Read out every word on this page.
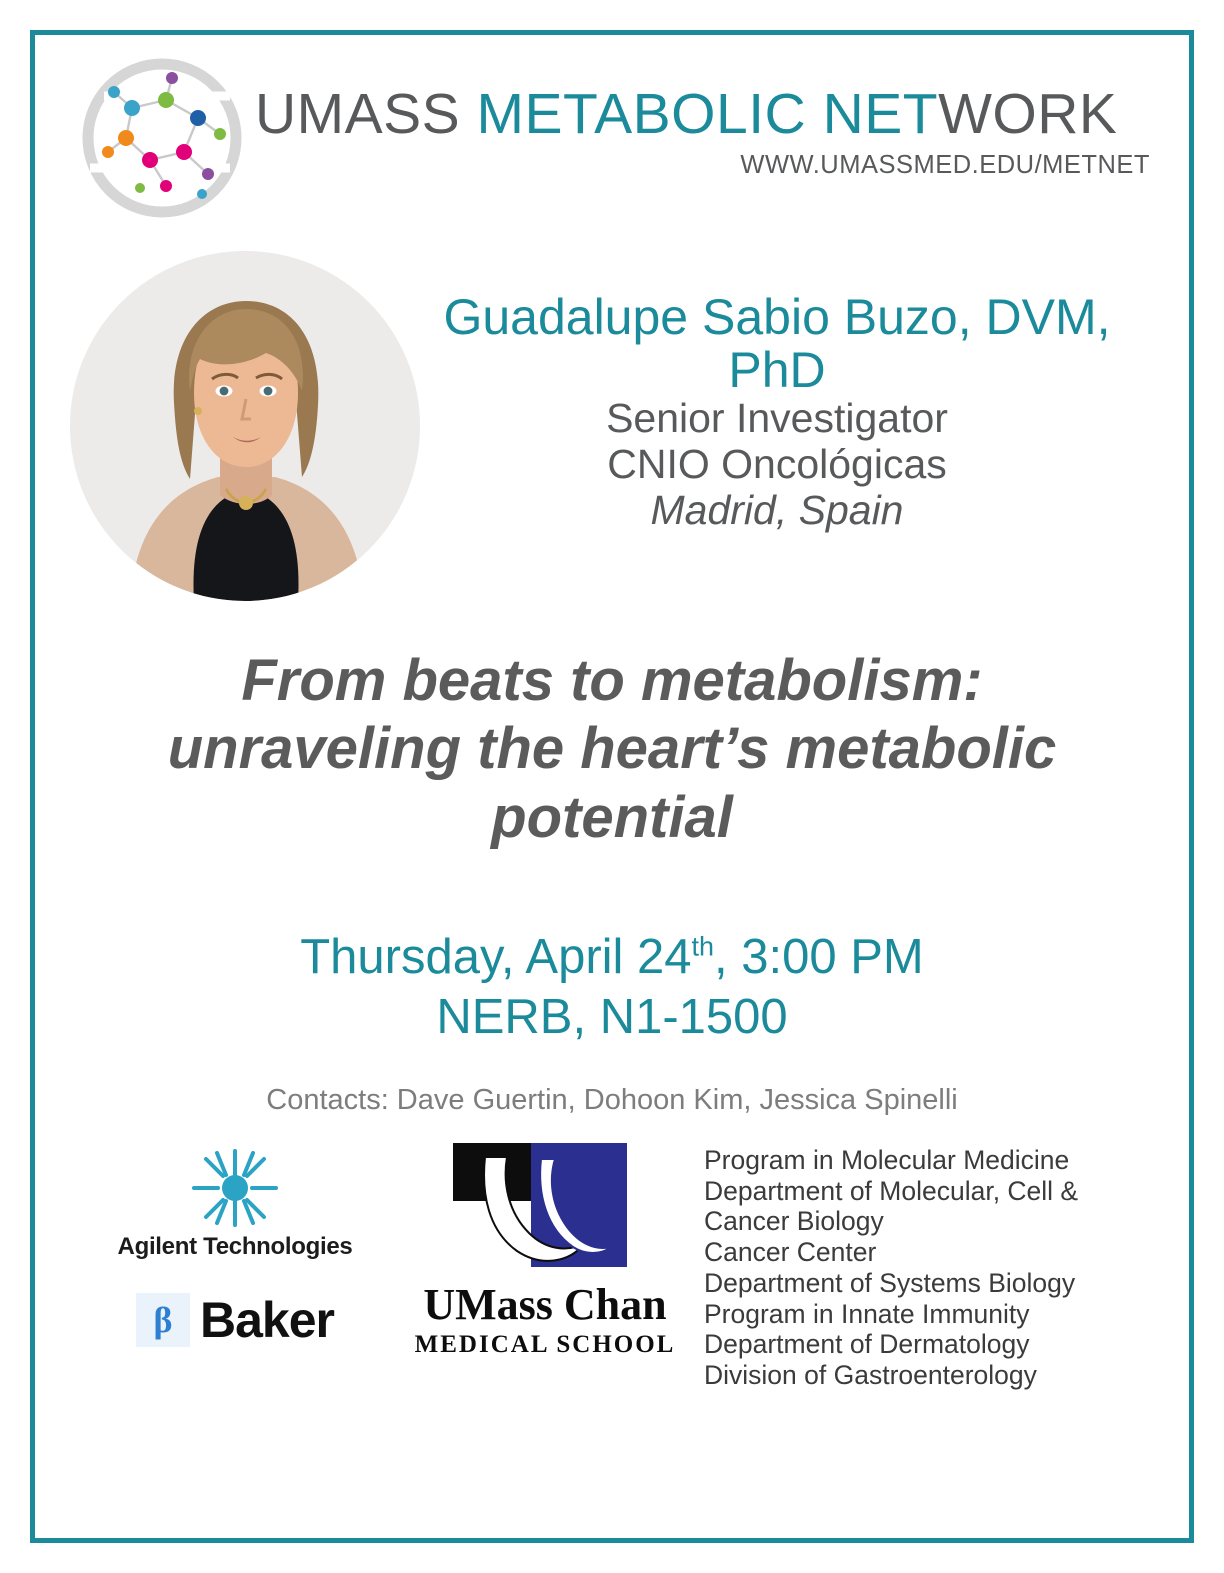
UMASS METABOLIC NETWORK
WWW.UMASSMED.EDU/METNET
Guadalupe Sabio Buzo, DVM, PhD
Senior Investigator
CNIO Oncológicas
Madrid, Spain
From beats to metabolism: unraveling the heart’s metabolic potential
Thursday, April 24th, 3:00 PM
NERB, N1-1500
Contacts: Dave Guertin, Dohoon Kim, Jessica Spinelli
Agilent Technologies
β Baker UMass Chan
MEDICAL SCHOOL
Program in Molecular Medicine
Department of Molecular, Cell &
Cancer Biology
Cancer Center
Department of Systems Biology
Program in Innate Immunity
Department of Dermatology
Division of Gastroenterology
